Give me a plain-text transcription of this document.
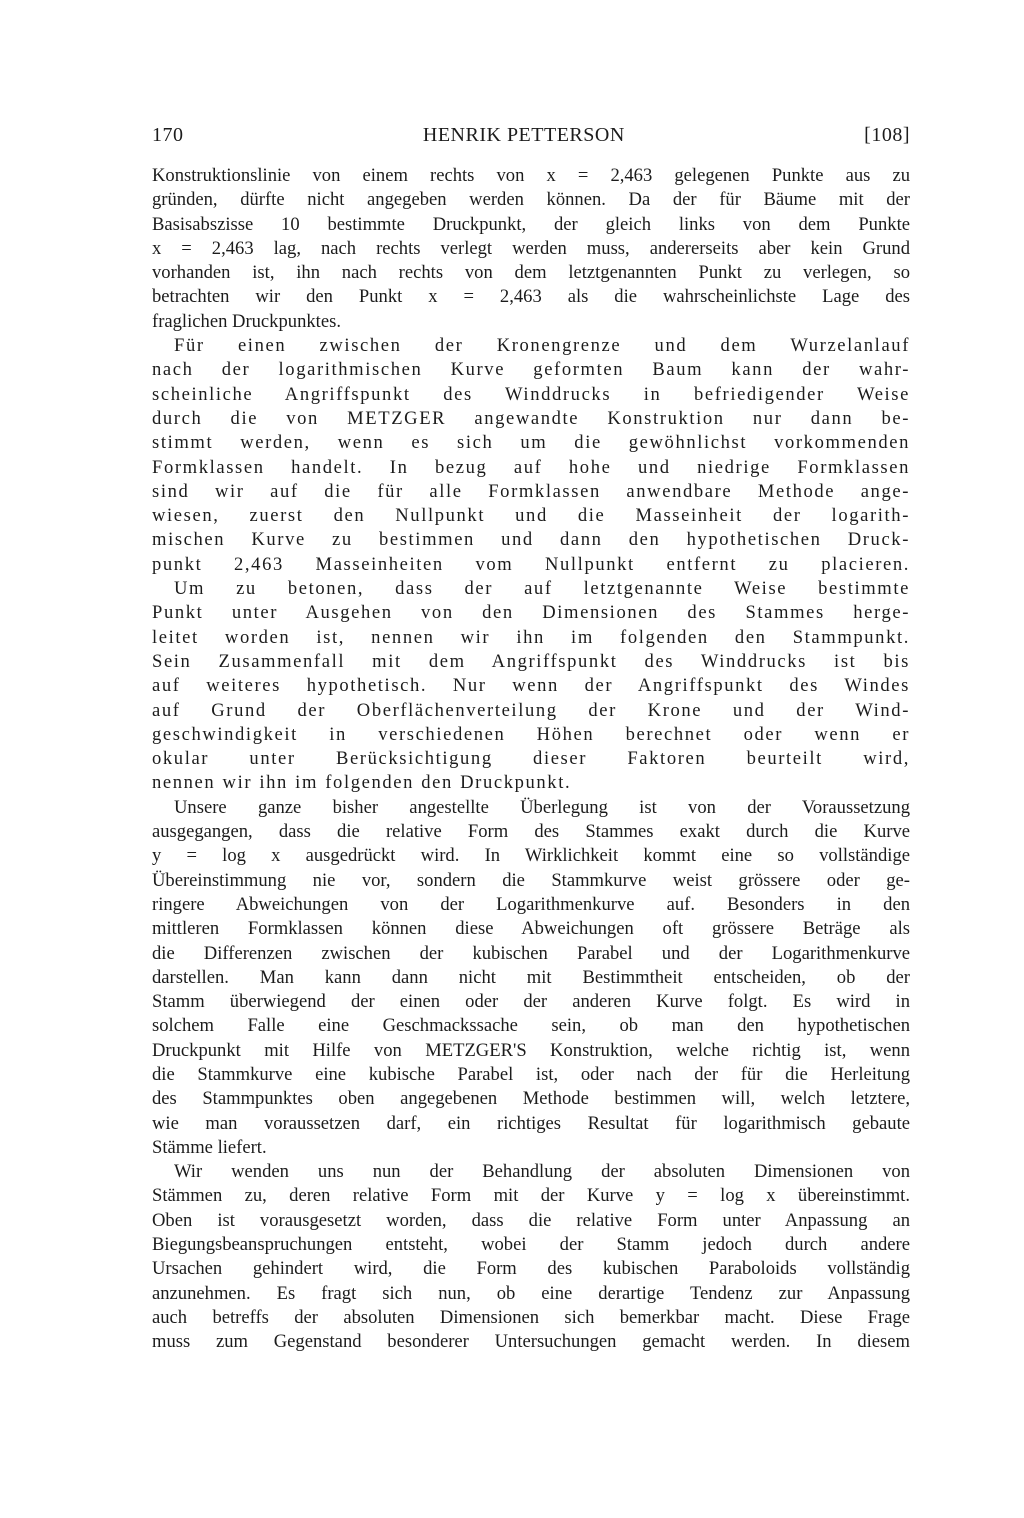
170	HENRIK PETTERSON	[108]
Konstruktionslinie von einem rechts von x = 2,463 gelegenen Punkte aus zu
gründen, dürfte nicht angegeben werden können. Da der für Bäume mit der
Basisabszisse 10 bestimmte Druckpunkt, der gleich links von dem Punkte
x = 2,463 lag, nach rechts verlegt werden muss, andererseits aber kein Grund
vorhanden ist, ihn nach rechts von dem letztgenannten Punkt zu verlegen, so
betrachten wir den Punkt x = 2,463 als die wahrscheinlichste Lage des
fraglichen Druckpunktes.
Für einen zwischen der Kronengrenze und dem Wurzelanlauf
nach der logarithmischen Kurve geformten Baum kann der wahr-
scheinliche Angriffspunkt des Winddrucks in befriedigender Weise
durch die von METZGER angewandte Konstruktion nur dann be-
stimmt werden, wenn es sich um die gewöhnlichst vorkommenden
Formklassen handelt. In bezug auf hohe und niedrige Formklassen
sind wir auf die für alle Formklassen anwendbare Methode ange-
wiesen, zuerst den Nullpunkt und die Masseinheit der logarith-
mischen Kurve zu bestimmen und dann den hypothetischen Druck-
punkt 2,463 Masseinheiten vom Nullpunkt entfernt zu placieren.
Um zu betonen, dass der auf letztgenannte Weise bestimmte
Punkt unter Ausgehen von den Dimensionen des Stammes herge-
leitet worden ist, nennen wir ihn im folgenden den Stammpunkt.
Sein Zusammenfall mit dem Angriffspunkt des Winddrucks ist bis
auf weiteres hypothetisch. Nur wenn der Angriffspunkt des Windes
auf Grund der Oberflächenverteilung der Krone und der Wind-
geschwindigkeit in verschiedenen Höhen berechnet oder wenn er
okular unter Berücksichtigung dieser Faktoren beurteilt wird,
nennen wir ihn im folgenden den Druckpunkt.
Unsere ganze bisher angestellte Überlegung ist von der Voraussetzung
ausgegangen, dass die relative Form des Stammes exakt durch die Kurve
y = log x ausgedrückt wird. In Wirklichkeit kommt eine so vollständige
Übereinstimmung nie vor, sondern die Stammkurve weist grössere oder ge-
ringere Abweichungen von der Logarithmenkurve auf. Besonders in den
mittleren Formklassen können diese Abweichungen oft grössere Beträge als
die Differenzen zwischen der kubischen Parabel und der Logarithmenkurve
darstellen. Man kann dann nicht mit Bestimmtheit entscheiden, ob der
Stamm überwiegend der einen oder der anderen Kurve folgt. Es wird in
solchem Falle eine Geschmackssache sein, ob man den hypothetischen
Druckpunkt mit Hilfe von METZGER'S Konstruktion, welche richtig ist, wenn
die Stammkurve eine kubische Parabel ist, oder nach der für die Herleitung
des Stammpunktes oben angegebenen Methode bestimmen will, welch letztere,
wie man voraussetzen darf, ein richtiges Resultat für logarithmisch gebaute
Stämme liefert.
Wir wenden uns nun der Behandlung der absoluten Dimensionen von
Stämmen zu, deren relative Form mit der Kurve y = log x übereinstimmt.
Oben ist vorausgesetzt worden, dass die relative Form unter Anpassung an
Biegungsbeanspruchungen entsteht, wobei der Stamm jedoch durch andere
Ursachen gehindert wird, die Form des kubischen Paraboloids vollständig
anzunehmen. Es fragt sich nun, ob eine derartige Tendenz zur Anpassung
auch betreffs der absoluten Dimensionen sich bemerkbar macht. Diese Frage
muss zum Gegenstand besonderer Untersuchungen gemacht werden. In diesem
